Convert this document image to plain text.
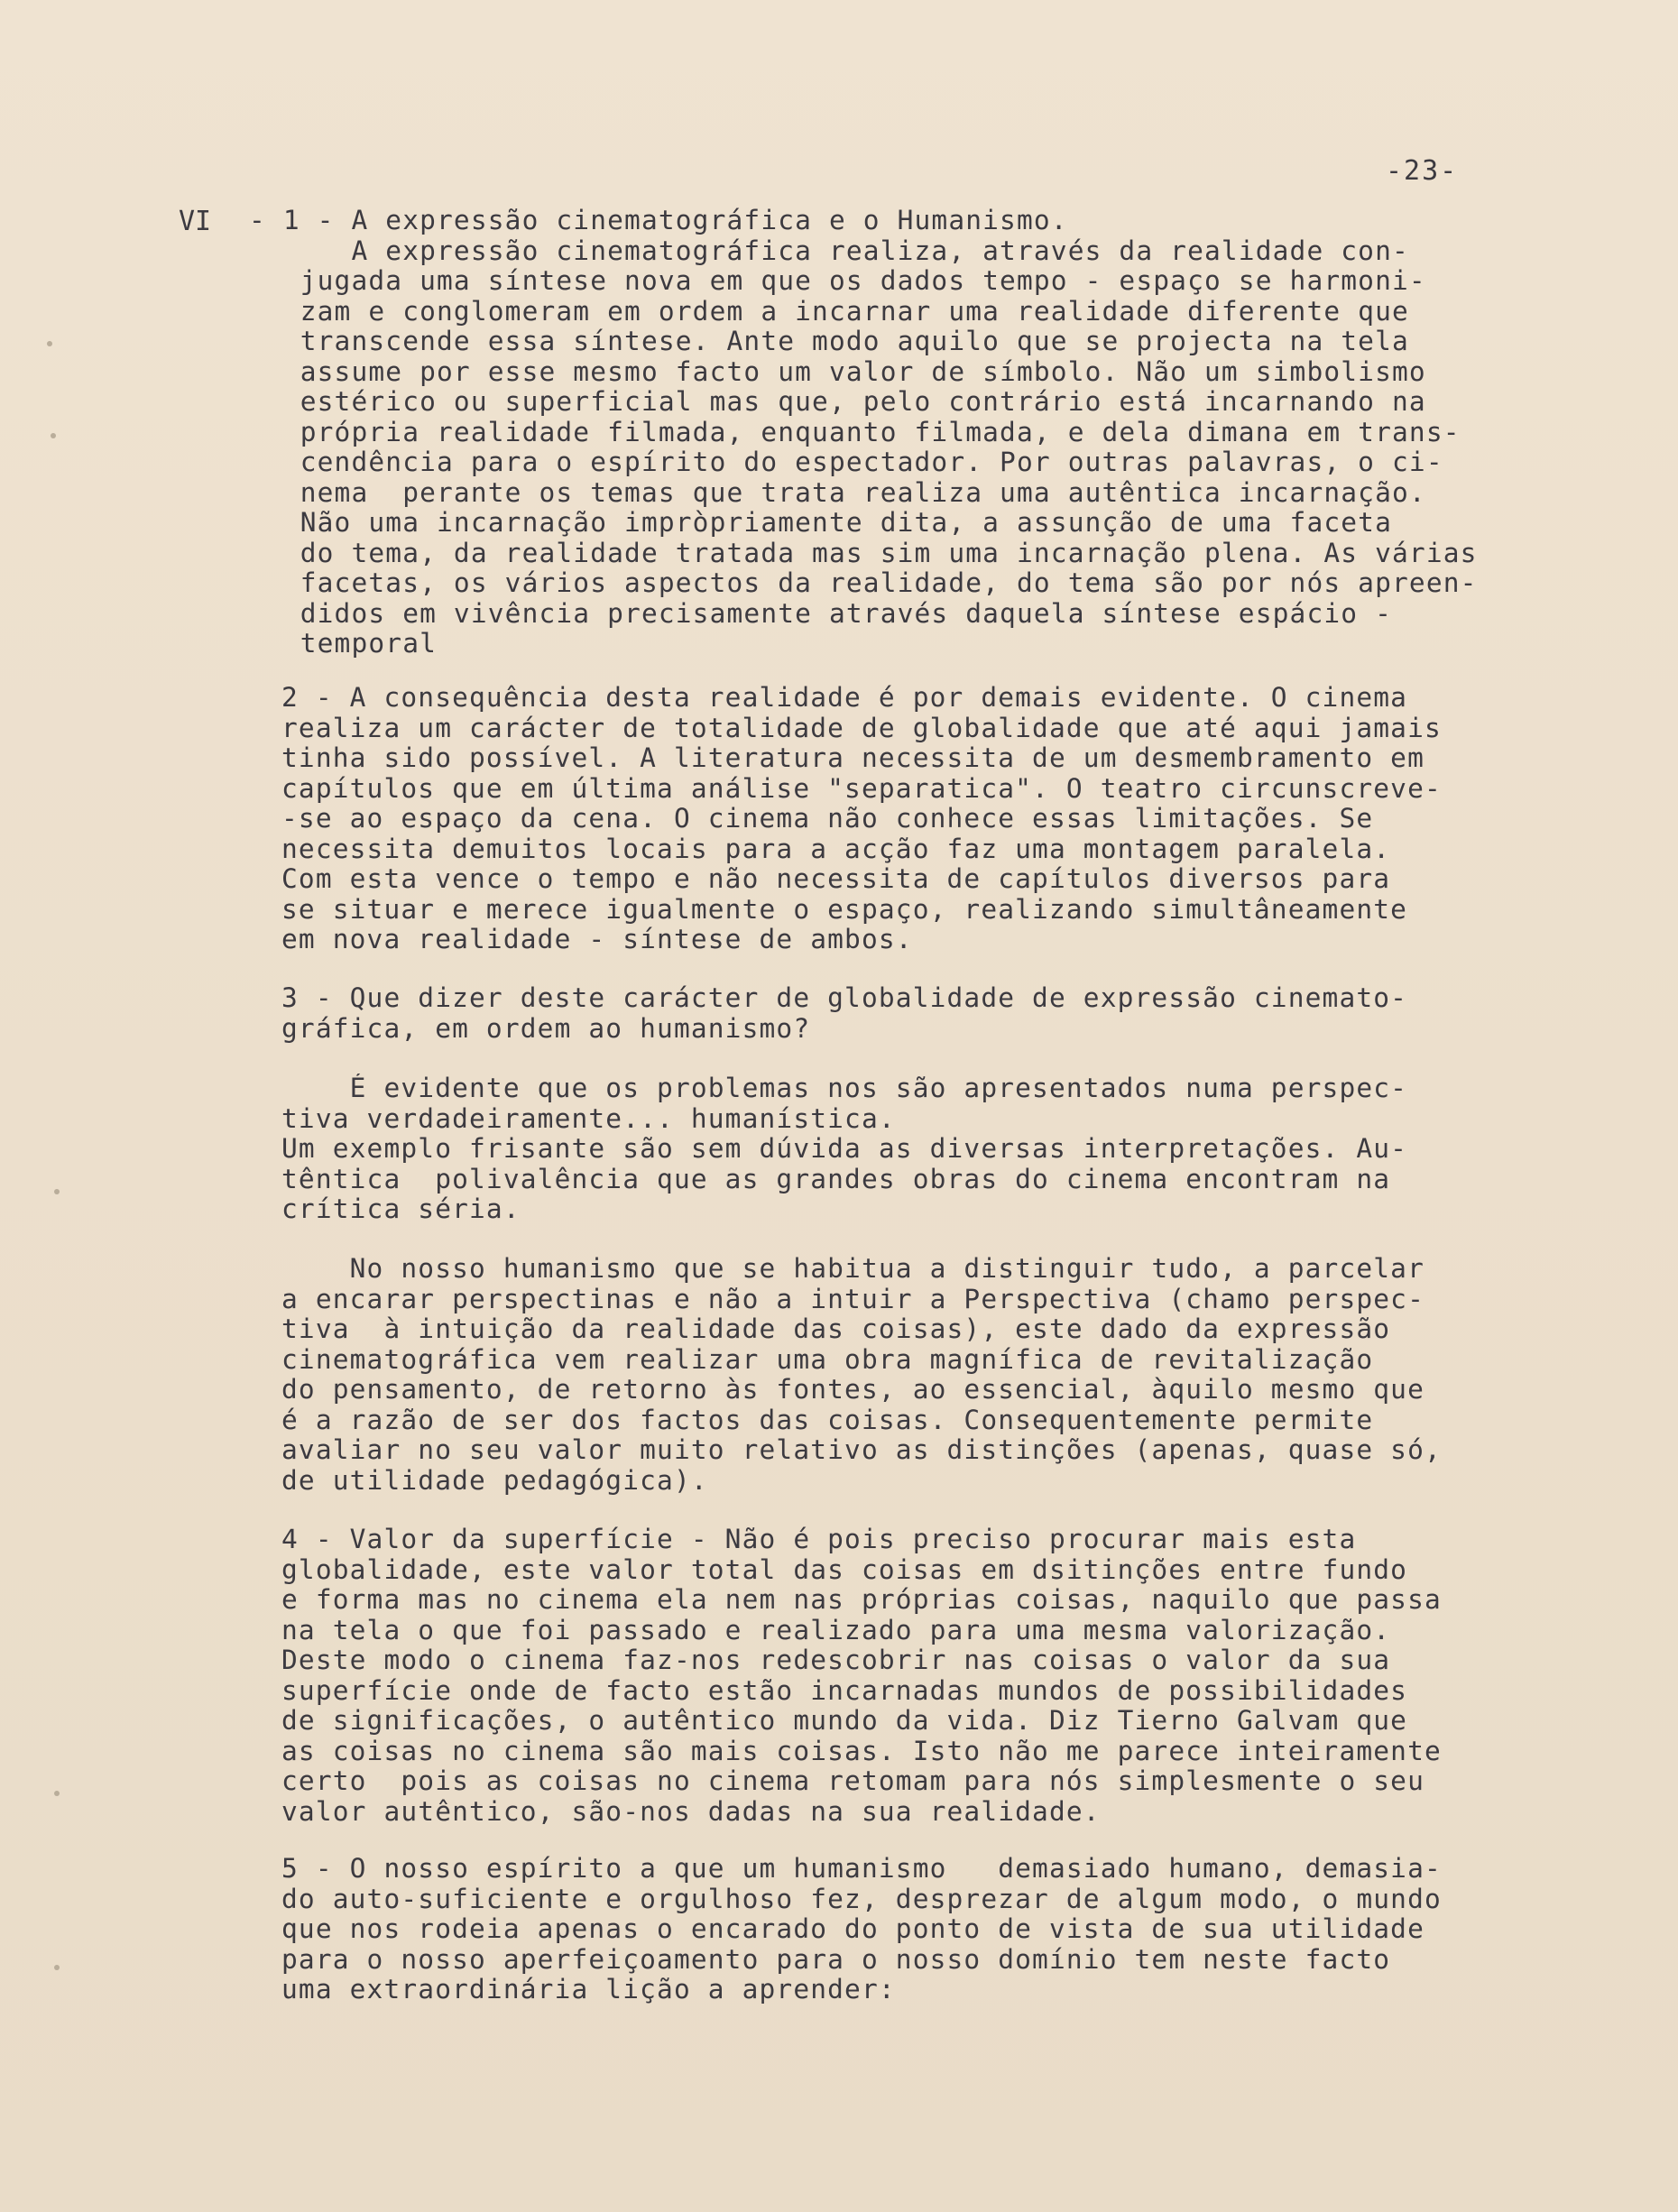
-23-
VI - 1 - A expressão cinematográfica e o Humanismo.
A expressão cinematográfica realiza, através da realidade con-
jugada uma síntese nova em que os dados tempo - espaço se harmoni-
zam e conglomeram em ordem a incarnar uma realidade diferente que
transcende essa síntese. Ante modo aquilo que se projecta na tela
assume por esse mesmo facto um valor de símbolo. Não um simbolismo
estérico ou superficial mas que, pelo contrário está incarnando na
própria realidade filmada, enquanto filmada, e dela dimana em trans-
cendência para o espírito do espectador. Por outras palavras, o ci-
nema  perante os temas que trata realiza uma autêntica incarnação.
Não uma incarnação impròpriamente dita, a assunção de uma faceta
do tema, da realidade tratada mas sim uma incarnação plena. As várias
facetas, os vários aspectos da realidade, do tema são por nós apreen-
didos em vivência precisamente através daquela síntese espácio -
temporal
2 - A consequência desta realidade é por demais evidente. O cinema
realiza um carácter de totalidade de globalidade que até aqui jamais
tinha sido possível. A literatura necessita de um desmembramento em
capítulos que em última análise "separatica". O teatro circunscreve-
-se ao espaço da cena. O cinema não conhece essas limitações. Se
necessita demuitos locais para a acção faz uma montagem paralela.
Com esta vence o tempo e não necessita de capítulos diversos para
se situar e merece igualmente o espaço, realizando simultâneamente
em nova realidade - síntese de ambos.
3 - Que dizer deste carácter de globalidade de expressão cinemato-
gráfica, em ordem ao humanismo?
É evidente que os problemas nos são apresentados numa perspec-
tiva verdadeiramente... humanística.
Um exemplo frisante são sem dúvida as diversas interpretações. Au-
têntica  polivalência que as grandes obras do cinema encontram na
crítica séria.
No nosso humanismo que se habitua a distinguir tudo, a parcelar
a encarar perspectinas e não a intuir a Perspectiva (chamo perspec-
tiva  à intuição da realidade das coisas), este dado da expressão
cinematográfica vem realizar uma obra magnífica de revitalização
do pensamento, de retorno às fontes, ao essencial, àquilo mesmo que
é a razão de ser dos factos das coisas. Consequentemente permite
avaliar no seu valor muito relativo as distinções (apenas, quase só,
de utilidade pedagógica).
4 - Valor da superfície - Não é pois preciso procurar mais esta
globalidade, este valor total das coisas em dsitinções entre fundo
e forma mas no cinema ela nem nas próprias coisas, naquilo que passa
na tela o que foi passado e realizado para uma mesma valorização.
Deste modo o cinema faz-nos redescobrir nas coisas o valor da sua
superfície onde de facto estão incarnadas mundos de possibilidades
de significações, o autêntico mundo da vida. Diz Tierno Galvam que
as coisas no cinema são mais coisas. Isto não me parece inteiramente
certo  pois as coisas no cinema retomam para nós simplesmente o seu
valor autêntico, são-nos dadas na sua realidade.
5 - O nosso espírito a que um humanismo   demasiado humano, demasia-
do auto-suficiente e orgulhoso fez, desprezar de algum modo, o mundo
que nos rodeia apenas o encarado do ponto de vista de sua utilidade
para o nosso aperfeiçoamento para o nosso domínio tem neste facto
uma extraordinária lição a aprender:
